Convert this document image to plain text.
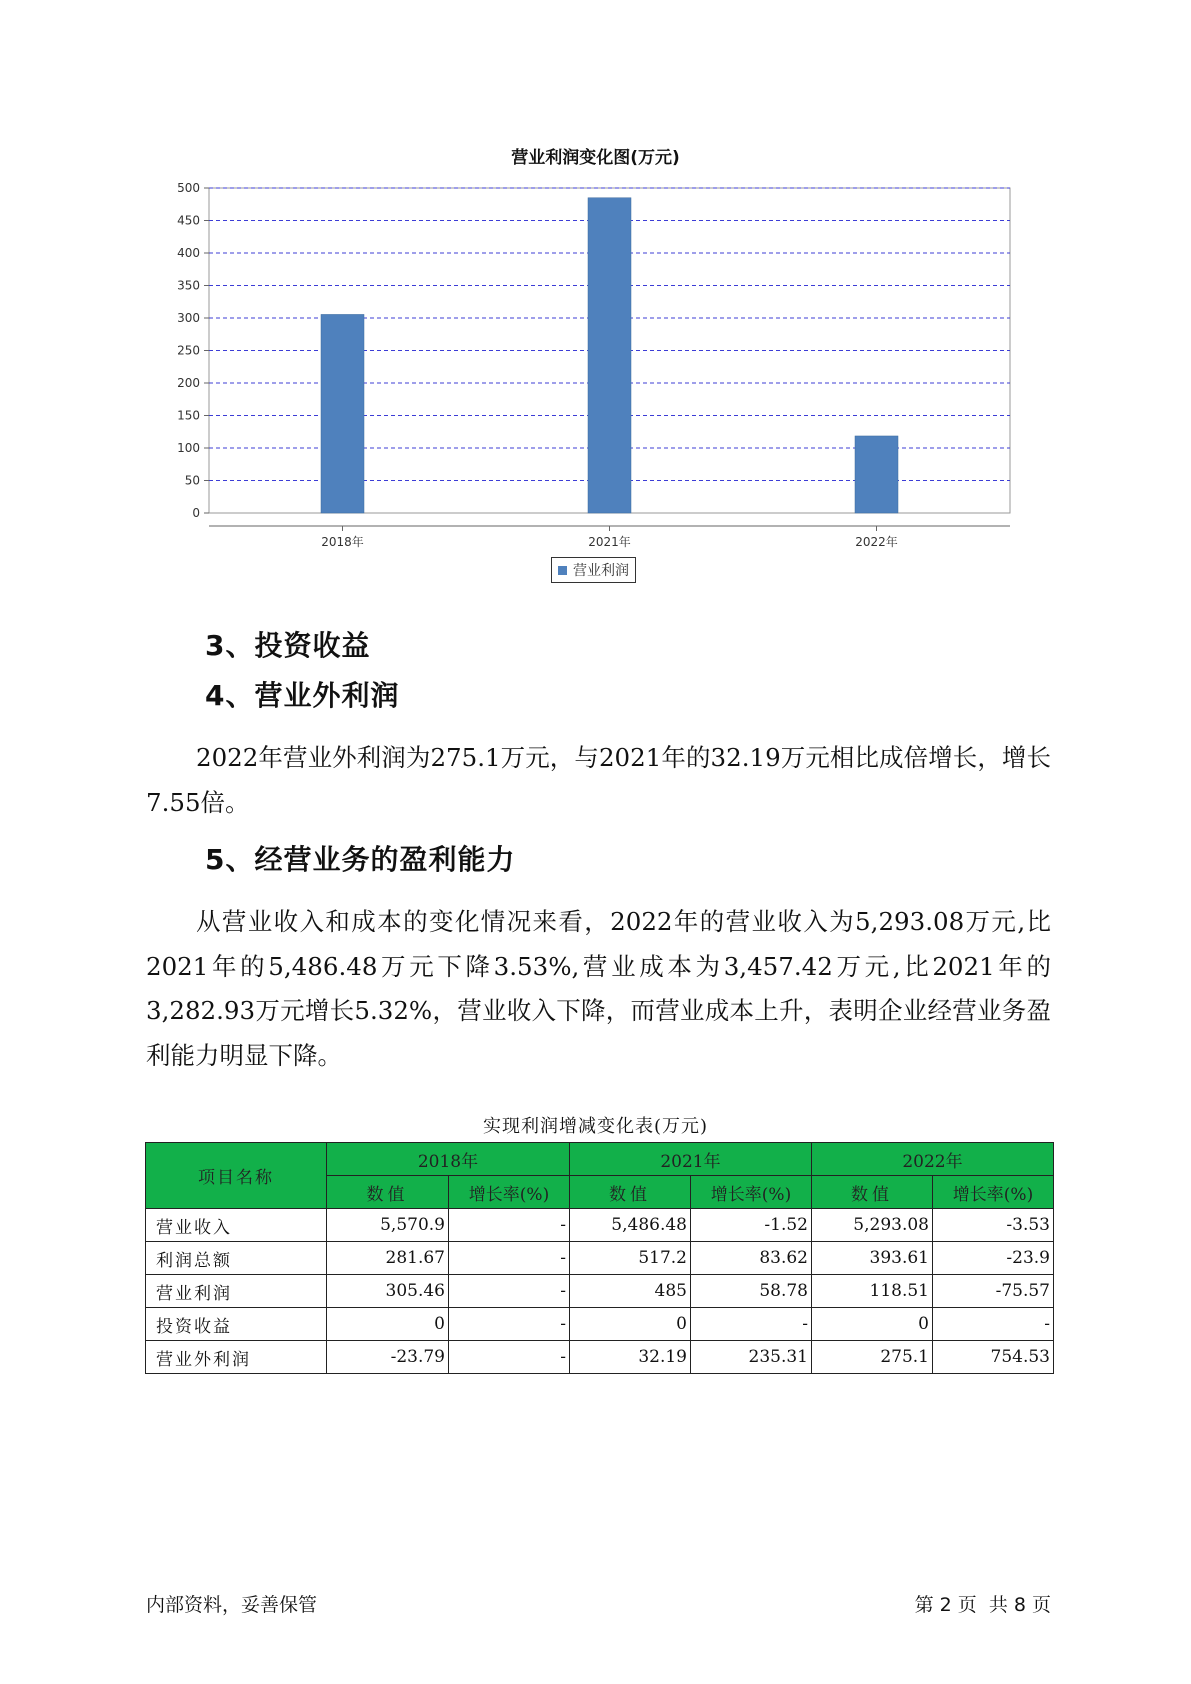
营业利润变化图(万元)
0
50
100
150
200
250
300
350
400
450
500
2018年	2021年	2022年
营业利润
3、投资收益
4、营业外利润

2022年营业外利润为275.1万元，与2021年的32.19万元相比成倍增长，增长7.55倍。

5、经营业务的盈利能力

从营业收入和成本的变化情况来看，2022年的营业收入为5,293.08万元,比2021年的5,486.48万元下降3.53%,营业成本为3,457.42万元,比2021年的3,282.93万元增长5.32%，营业收入下降，而营业成本上升，表明企业经营业务盈利能力明显下降。

实现利润增减变化表(万元)
项目名称	2018年		2021年		2022年	
	数值	增长率(%)	数值	增长率(%)	数值	增长率(%)
营业收入	5,570.9	-	5,486.48	-1.52	5,293.08	-3.53
利润总额	281.67	-	517.2	83.62	393.61	-23.9
营业利润	305.46	-	485	58.78	118.51	-75.57
投资收益	0	-	0	-	0	-
营业外利润	-23.79	-	32.19	235.31	275.1	754.53
内部资料，妥善保管	第 2 页  共 8 页
